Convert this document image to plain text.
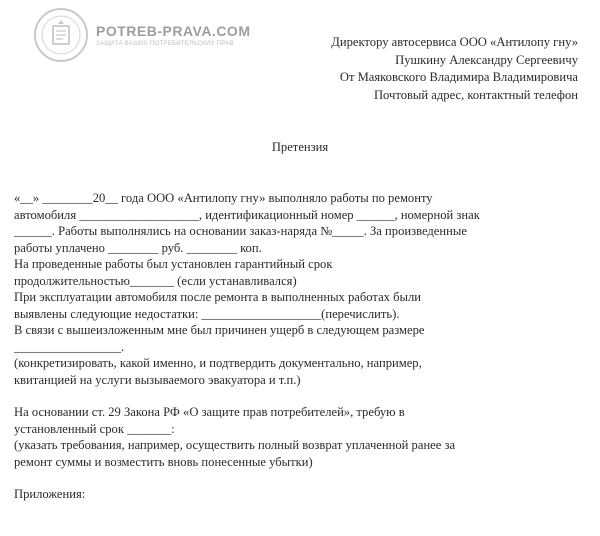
POTREB-PRAVA.COM
ЗАЩИТА ВАШИХ ПОТРЕБИТЕЛЬСКИХ ПРАВ	Директору автосервиса ООО «Антилопу гну»
Пушкину Александру Сергеевичу
От Маяковского Владимира Владимировича
Почтовый адрес, контактный телефон
Претензия
«__» ________20__ года ООО «Антилопу гну» выполняло работы по ремонту
автомобиля ___________________, идентификационный номер ______, номерной знак
______. Работы выполнялись на основании заказ-наряда №_____. За произведенные
работы уплачено ________ руб. ________ коп.
На проведенные работы был установлен гарантийный срок
продолжительностью_______ (если устанавливался)
При эксплуатации автомобиля после ремонта в выполненных работах были
выявлены следующие недостатки: ___________________(перечислить).
В связи с вышеизложенным мне был причинен ущерб в следующем размере
_________________.
(конкретизировать, какой именно, и подтвердить документально, например,
квитанцией на услуги вызываемого эвакуатора и т.п.)
На основании ст. 29 Закона РФ «О защите прав потребителей», требую в
установленный срок _______:
(указать требования, например, осуществить полный возврат уплаченной ранее за
ремонт суммы и возместить вновь понесенные убытки)
Приложения:
